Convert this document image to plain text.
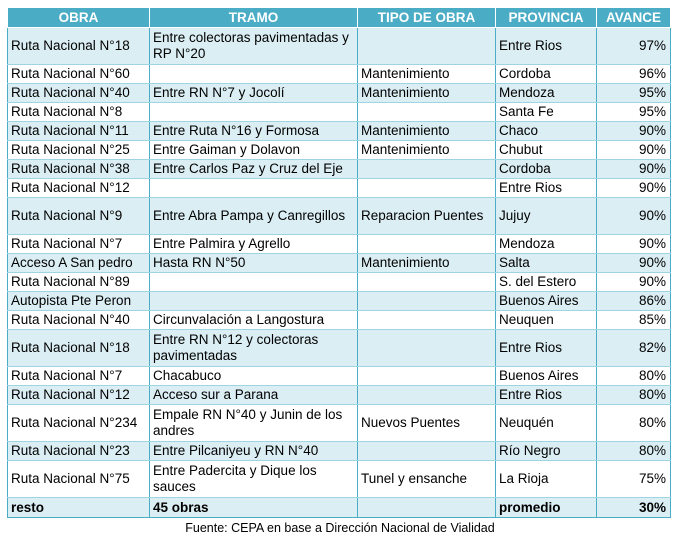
OBRA	TRAMO	TIPO DE OBRA	PROVINCIA	AVANCE
Ruta Nacional N°18	Entre colectoras pavimentadas y RP N°20		Entre Rios	97%
Ruta Nacional N°60		Mantenimiento	Cordoba	96%
Ruta Nacional N°40	Entre RN N°7 y Jocolí	Mantenimiento	Mendoza	95%
Ruta Nacional N°8			Santa Fe	95%
Ruta Nacional N°11	Entre Ruta N°16 y Formosa	Mantenimiento	Chaco	90%
Ruta Nacional N°25	Entre Gaiman y Dolavon	Mantenimiento	Chubut	90%
Ruta Nacional N°38	Entre Carlos Paz y Cruz del Eje		Cordoba	90%
Ruta Nacional N°12			Entre Rios	90%
Ruta Nacional N°9	Entre Abra Pampa y Canregillos	Reparacion Puentes	Jujuy	90%
Ruta Nacional N°7	Entre Palmira y Agrello		Mendoza	90%
Acceso A San pedro	Hasta RN N°50	Mantenimiento	Salta	90%
Ruta Nacional N°89			S. del Estero	90%
Autopista Pte Peron			Buenos Aires	86%
Ruta Nacional N°40	Circunvalación a Langostura		Neuquen	85%
Ruta Nacional N°18	Entre RN N°12 y colectoras pavimentadas		Entre Rios	82%
Ruta Nacional N°7	Chacabuco		Buenos Aires	80%
Ruta Nacional N°12	Acceso sur a Parana		Entre Rios	80%
Ruta Nacional N°234	Empale RN N°40 y Junin de los andres	Nuevos Puentes	Neuquén	80%
Ruta Nacional N°23	Entre Pilcaniyeu y RN N°40		Río Negro	80%
Ruta Nacional N°75	Entre Padercita y Dique los sauces	Tunel y ensanche	La Rioja	75%
resto	45 obras		promedio	30%
Fuente: CEPA en base a Dirección Nacional de Vialidad
